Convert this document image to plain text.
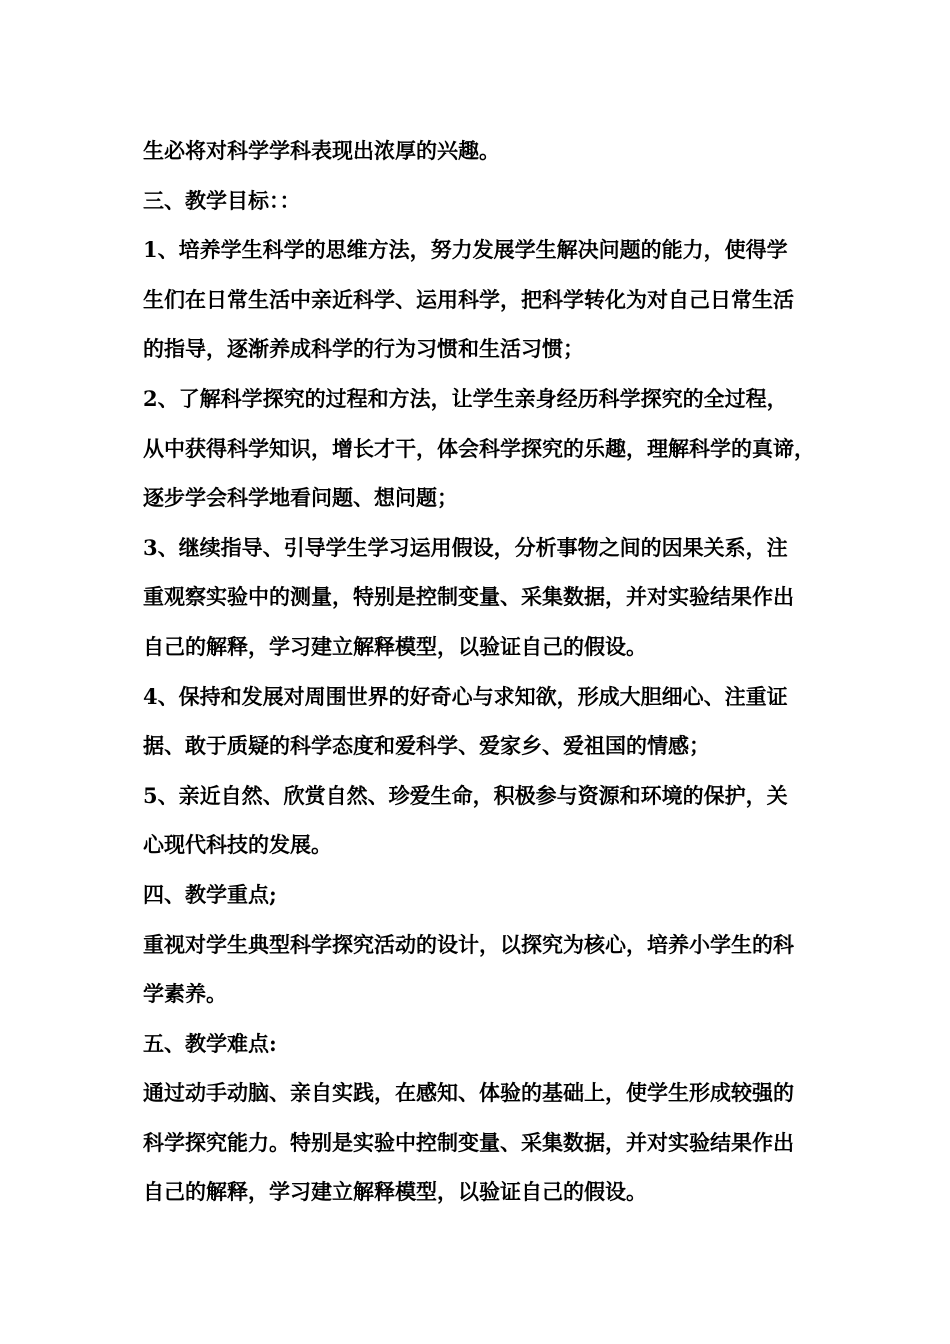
生必将对科学学科表现出浓厚的兴趣。
三、教学目标：：
1、培养学生科学的思维方法，努力发展学生解决问题的能力，使得学
生们在日常生活中亲近科学、运用科学，把科学转化为对自己日常生活
的指导，逐渐养成科学的行为习惯和生活习惯；
2、了解科学探究的过程和方法，让学生亲身经历科学探究的全过程，
从中获得科学知识，增长才干，体会科学探究的乐趣，理解科学的真谛，
逐步学会科学地看问题、想问题；
3、继续指导、引导学生学习运用假设，分析事物之间的因果关系，注
重观察实验中的测量，特别是控制变量、采集数据，并对实验结果作出
自己的解释，学习建立解释模型，以验证自己的假设。
4、保持和发展对周围世界的好奇心与求知欲，形成大胆细心、注重证
据、敢于质疑的科学态度和爱科学、爱家乡、爱祖国的情感；
5、亲近自然、欣赏自然、珍爱生命，积极参与资源和环境的保护，关
心现代科技的发展。
四、教学重点;
重视对学生典型科学探究活动的设计，以探究为核心，培养小学生的科
学素养。
五、教学难点:
通过动手动脑、亲自实践，在感知、体验的基础上，使学生形成较强的
科学探究能力。特别是实验中控制变量、采集数据，并对实验结果作出
自己的解释，学习建立解释模型，以验证自己的假设。
